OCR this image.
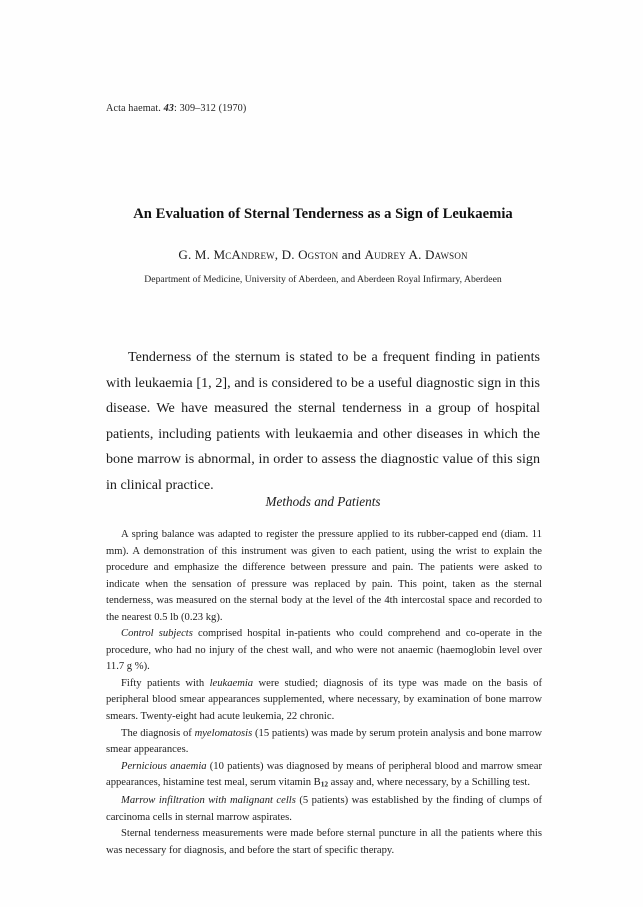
Acta haemat. 43: 309–312 (1970)
An Evaluation of Sternal Tenderness as a Sign of Leukaemia
G. M. McAndrew, D. Ogston and Audrey A. Dawson
Department of Medicine, University of Aberdeen, and Aberdeen Royal Infirmary, Aberdeen

Tenderness of the sternum is stated to be a frequent finding in patients with leukaemia [1, 2], and is considered to be a useful diagnostic sign in this disease. We have measured the sternal tenderness in a group of hospital patients, including patients with leukaemia and other diseases in which the bone marrow is abnormal, in order to assess the diagnostic value of this sign in clinical practice.

Methods and Patients

A spring balance was adapted to register the pressure applied to its rubber-capped end (diam. 11 mm). A demonstration of this instrument was given to each patient, using the wrist to explain the procedure and emphasize the difference between pressure and pain. The patients were asked to indicate when the sensation of pressure was replaced by pain. This point, taken as the sternal tenderness, was measured on the sternal body at the level of the 4th intercostal space and recorded to the nearest 0.5 lb (0.23 kg).

Control subjects comprised hospital in-patients who could comprehend and co-operate in the procedure, who had no injury of the chest wall, and who were not anaemic (haemoglobin level over 11.7 g %).

Fifty patients with leukaemia were studied; diagnosis of its type was made on the basis of peripheral blood smear appearances supplemented, where necessary, by examination of bone marrow smears. Twenty-eight had acute leukemia, 22 chronic.

The diagnosis of myelomatosis (15 patients) was made by serum protein analysis and bone marrow smear appearances.

Pernicious anaemia (10 patients) was diagnosed by means of peripheral blood and marrow smear appearances, histamine test meal, serum vitamin $B_{12}$ assay and, where necessary, by a Schilling test.

Marrow infiltration with malignant cells (5 patients) was established by the finding of clumps of carcinoma cells in sternal marrow aspirates.

Sternal tenderness measurements were made before sternal puncture in all the patients where this was necessary for diagnosis, and before the start of specific therapy.
